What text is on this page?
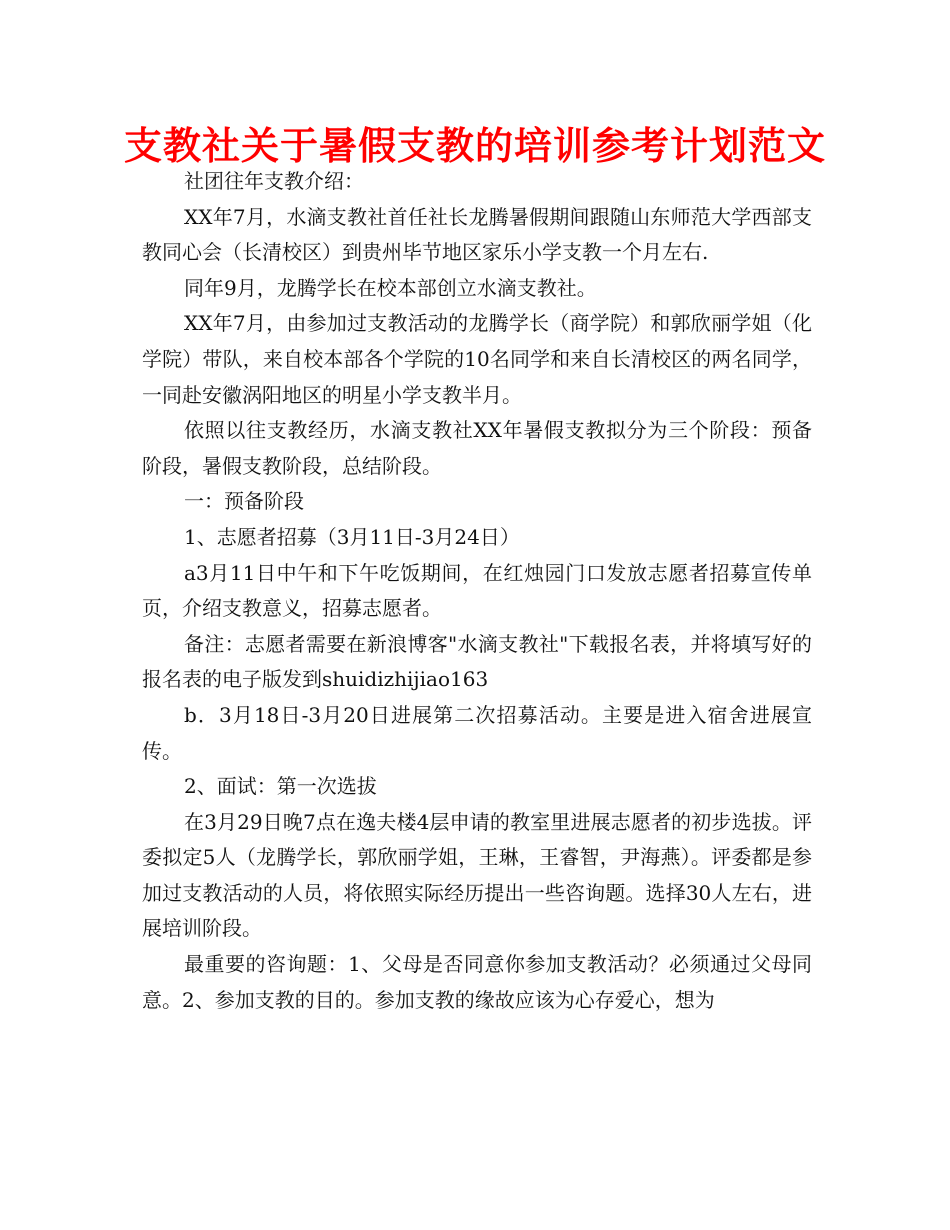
支教社关于暑假支教的培训参考计划范文

社团往年支教介绍：

XX年7月，水滴支教社首任社长龙腾暑假期间跟随山东师范大学西部支教同心会（长清校区）到贵州毕节地区家乐小学支教一个月左右.

同年9月，龙腾学长在校本部创立水滴支教社。

XX年7月，由参加过支教活动的龙腾学长（商学院）和郭欣丽学姐（化学院）带队，来自校本部各个学院的10名同学和来自长清校区的两名同学，一同赴安徽涡阳地区的明星小学支教半月。

依照以往支教经历，水滴支教社XX年暑假支教拟分为三个阶段：预备阶段，暑假支教阶段，总结阶段。

一：预备阶段

1、志愿者招募（3月11日-3月24日）

a3月11日中午和下午吃饭期间，在红烛园门口发放志愿者招募宣传单页，介绍支教意义，招募志愿者。

备注：志愿者需要在新浪博客"水滴支教社"下载报名表，并将填写好的报名表的电子版发到shuidizhijiao163

b．3月18日-3月20日进展第二次招募活动。主要是进入宿舍进展宣传。

2、面试：第一次选拔

在3月29日晚7点在逸夫楼4层申请的教室里进展志愿者的初步选拔。评委拟定5人（龙腾学长，郭欣丽学姐，王琳，王睿智，尹海燕）。评委都是参加过支教活动的人员，将依照实际经历提出一些咨询题。选择30人左右，进展培训阶段。

最重要的咨询题：1、父母是否同意你参加支教活动？必须通过父母同意。2、参加支教的目的。参加支教的缘故应该为心存爱心，想为
